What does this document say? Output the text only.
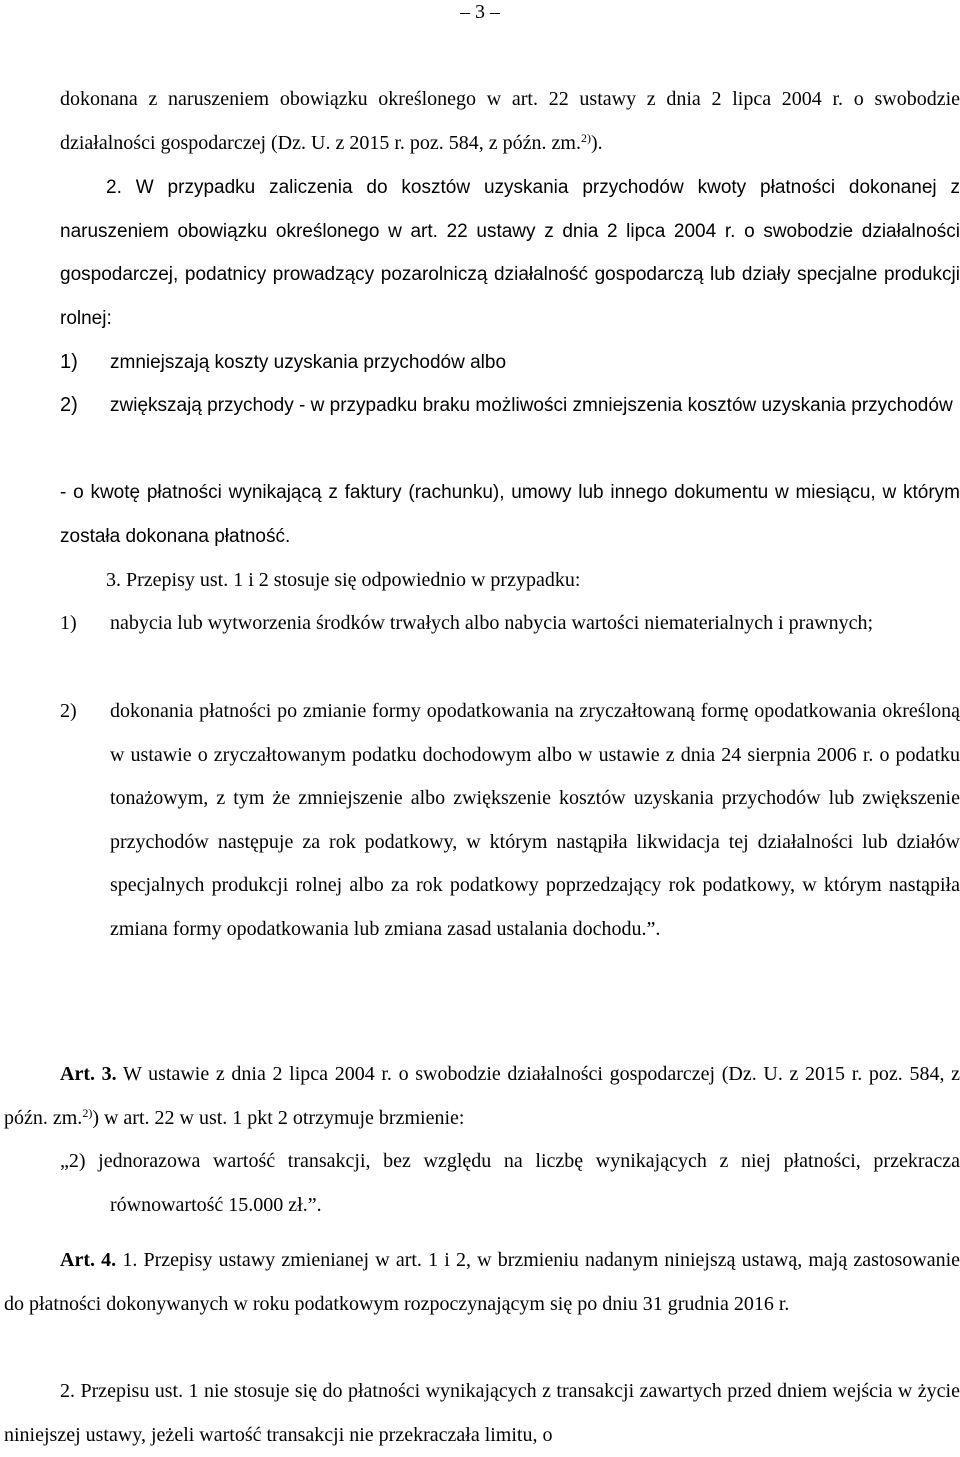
– 3 –

dokonana z naruszeniem obowiązku określonego w art. 22 ustawy z dnia 2 lipca 2004 r. o swobodzie działalności gospodarczej (Dz. U. z 2015 r. poz. 584, z późn. zm.$^{2)}$).

2. W przypadku zaliczenia do kosztów uzyskania przychodów kwoty płatności dokonanej z naruszeniem obowiązku określonego w art. 22 ustawy z dnia 2 lipca 2004 r. o swobodzie działalności gospodarczej, podatnicy prowadzący pozarolniczą działalność gospodarczą lub działy specjalne produkcji rolnej:

1) zmniejszają koszty uzyskania przychodów albo

2) zwiększają przychody - w przypadku braku możliwości zmniejszenia kosztów uzyskania przychodów

- o kwotę płatności wynikającą z faktury (rachunku), umowy lub innego dokumentu w miesiącu, w którym została dokonana płatność.

3. Przepisy ust. 1 i 2 stosuje się odpowiednio w przypadku:

1) nabycia lub wytworzenia środków trwałych albo nabycia wartości niematerialnych i prawnych;

2) dokonania płatności po zmianie formy opodatkowania na zryczałtowaną formę opodatkowania określoną w ustawie o zryczałtowanym podatku dochodowym albo w ustawie z dnia 24 sierpnia 2006 r. o podatku tonażowym, z tym że zmniejszenie albo zwiększenie kosztów uzyskania przychodów lub zwiększenie przychodów następuje za rok podatkowy, w którym nastąpiła likwidacja tej działalności lub działów specjalnych produkcji rolnej albo za rok podatkowy poprzedzający rok podatkowy, w którym nastąpiła zmiana formy opodatkowania lub zmiana zasad ustalania dochodu.”.

Art. 3. W ustawie z dnia 2 lipca 2004 r. o swobodzie działalności gospodarczej (Dz. U. z 2015 r. poz. 584, z późn. zm.$^{2)}$) w art. 22 w ust. 1 pkt 2 otrzymuje brzmienie:

„2) jednorazowa wartość transakcji, bez względu na liczbę wynikających z niej płatności, przekracza równowartość 15.000 zł.”.

Art. 4. 1. Przepisy ustawy zmienianej w art. 1 i 2, w brzmieniu nadanym niniejszą ustawą, mają zastosowanie do płatności dokonywanych w roku podatkowym rozpoczynającym się po dniu 31 grudnia 2016 r.

2. Przepisu ust. 1 nie stosuje się do płatności wynikających z transakcji zawartych przed dniem wejścia w życie niniejszej ustawy, jeżeli wartość transakcji nie przekraczała limitu, o
